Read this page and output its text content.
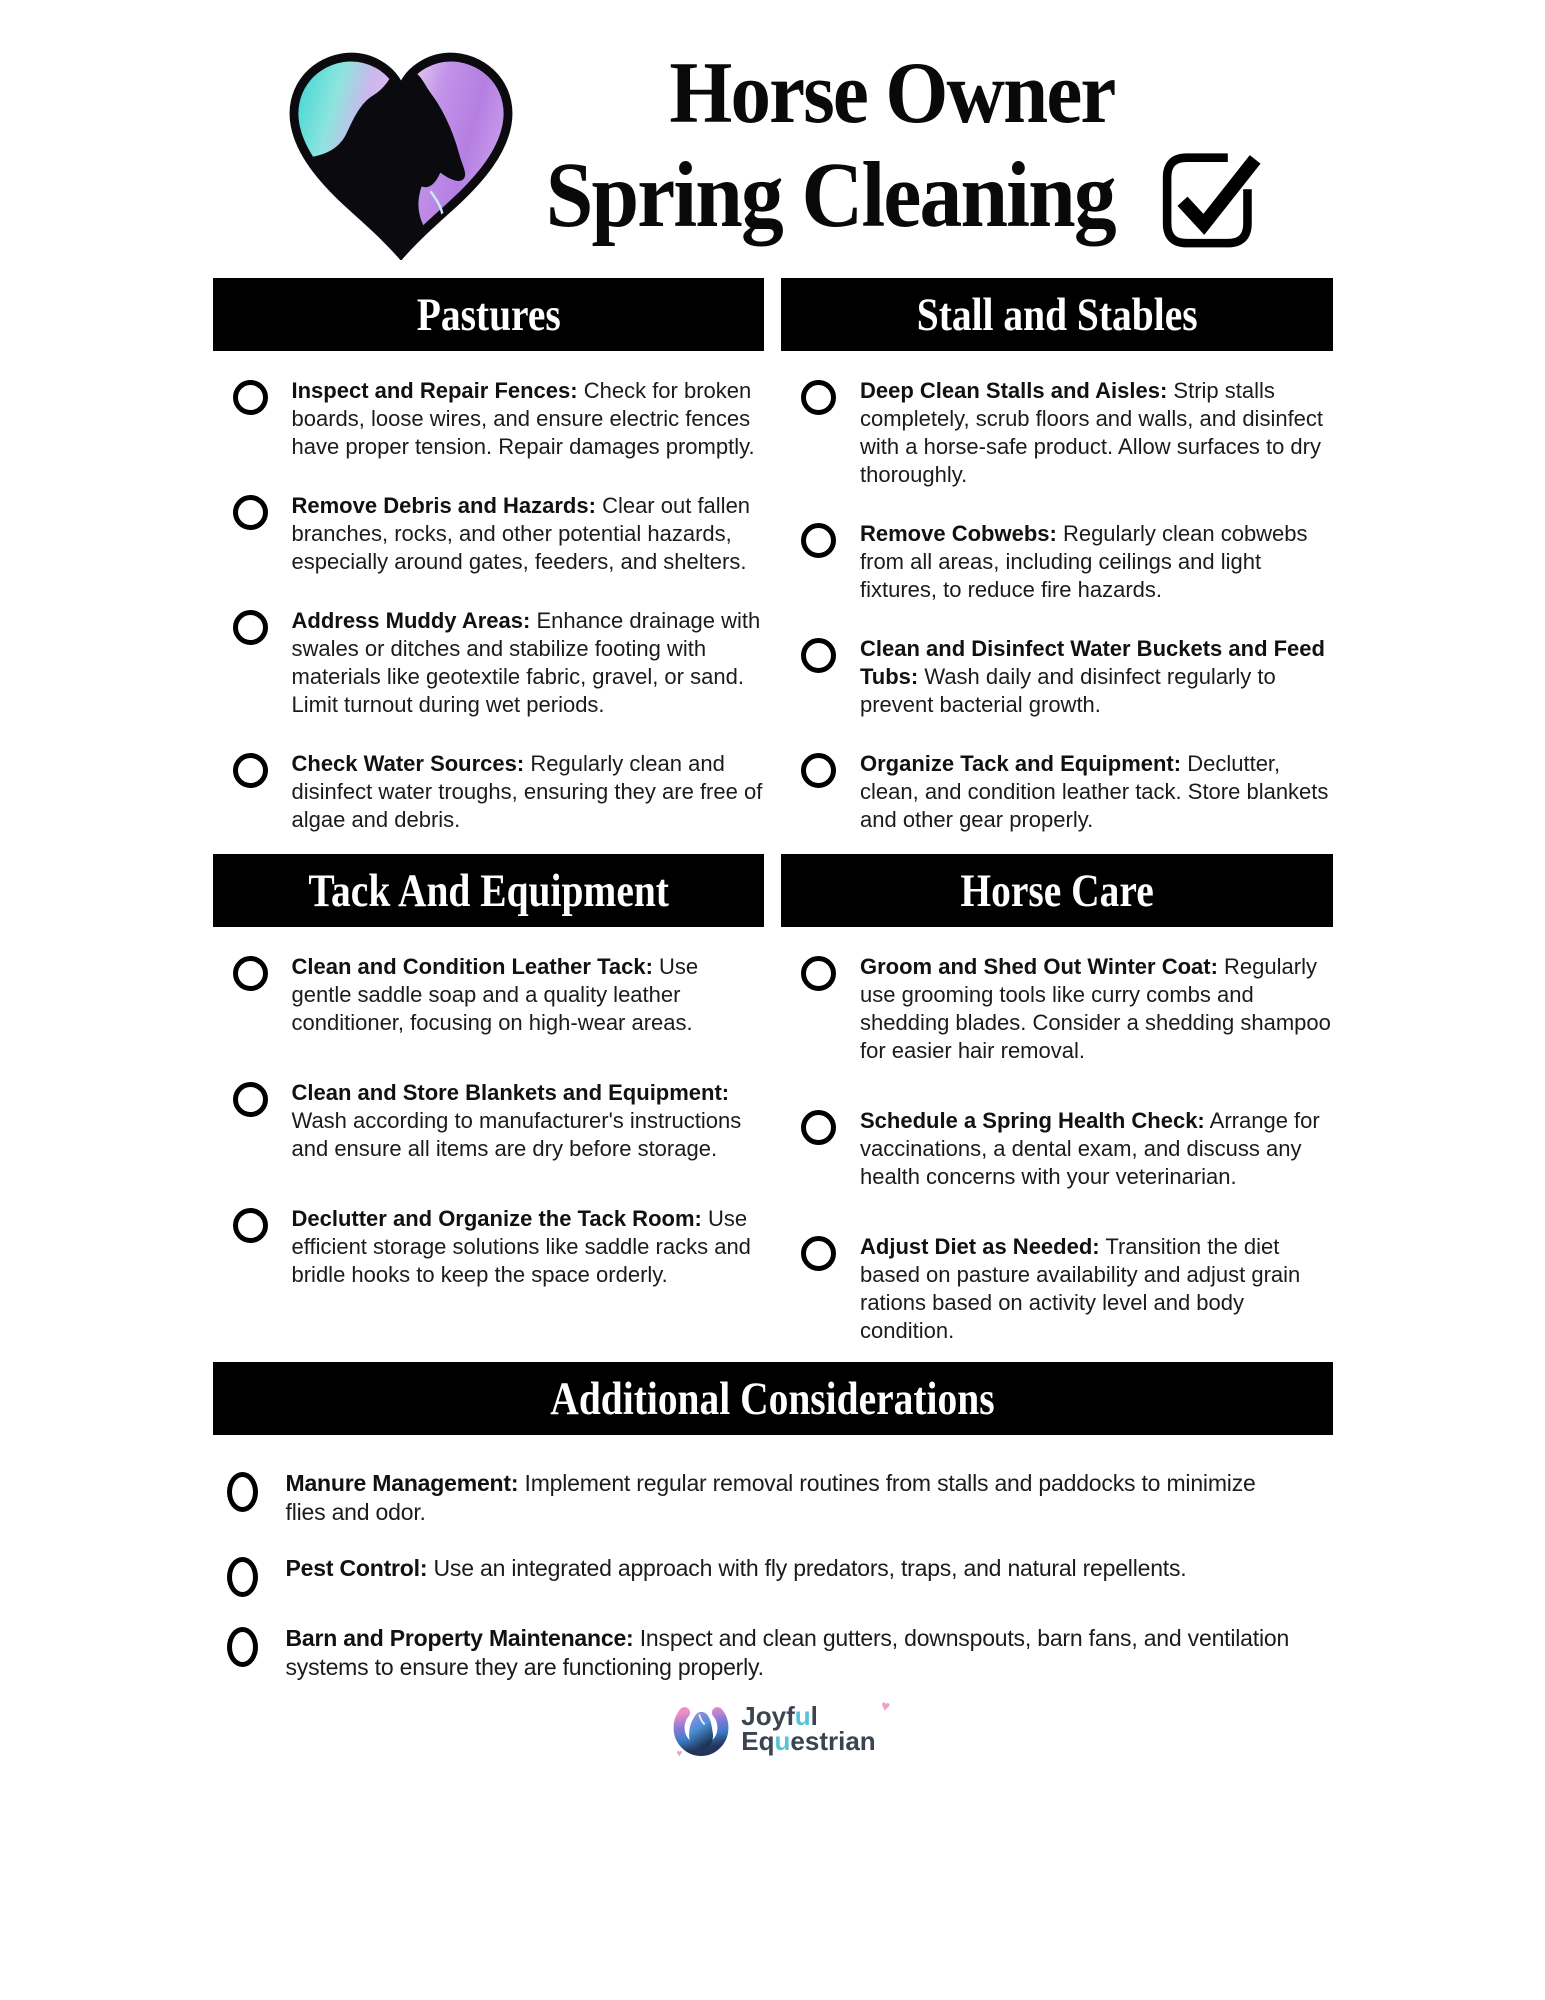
Horse Owner
Spring Cleaning
Pastures

Inspect and Repair Fences: Check for broken boards, loose wires, and ensure electric fences have proper tension. Repair damages promptly.

Remove Debris and Hazards: Clear out fallen branches, rocks, and other potential hazards, especially around gates, feeders, and shelters.

Address Muddy Areas: Enhance drainage with swales or ditches and stabilize footing with materials like geotextile fabric, gravel, or sand. Limit turnout during wet periods.

Check Water Sources: Regularly clean and disinfect water troughs, ensuring they are free of algae and debris.

Stall and Stables

Deep Clean Stalls and Aisles: Strip stalls completely, scrub floors and walls, and disinfect with a horse-safe product. Allow surfaces to dry thoroughly.

Remove Cobwebs: Regularly clean cobwebs from all areas, including ceilings and light fixtures, to reduce fire hazards.

Clean and Disinfect Water Buckets and Feed Tubs: Wash daily and disinfect regularly to prevent bacterial growth.

Organize Tack and Equipment: Declutter, clean, and condition leather tack. Store blankets and other gear properly.

Tack And Equipment

Clean and Condition Leather Tack: Use gentle saddle soap and a quality leather conditioner, focusing on high-wear areas.

Clean and Store Blankets and Equipment: Wash according to manufacturer's instructions and ensure all items are dry before storage.

Declutter and Organize the Tack Room: Use efficient storage solutions like saddle racks and bridle hooks to keep the space orderly.

Horse Care

Groom and Shed Out Winter Coat: Regularly use grooming tools like curry combs and shedding blades. Consider a shedding shampoo for easier hair removal.

Schedule a Spring Health Check: Arrange for vaccinations, a dental exam, and discuss any health concerns with your veterinarian.

Adjust Diet as Needed: Transition the diet based on pasture availability and adjust grain rations based on activity level and body condition.

Additional Considerations

Manure Management: Implement regular removal routines from stalls and paddocks to minimize flies and odor.

Pest Control: Use an integrated approach with fly predators, traps, and natural repellents.

Barn and Property Maintenance: Inspect and clean gutters, downspouts, barn fans, and ventilation systems to ensure they are functioning properly.

♥
Joyful	♥
Equestrian
